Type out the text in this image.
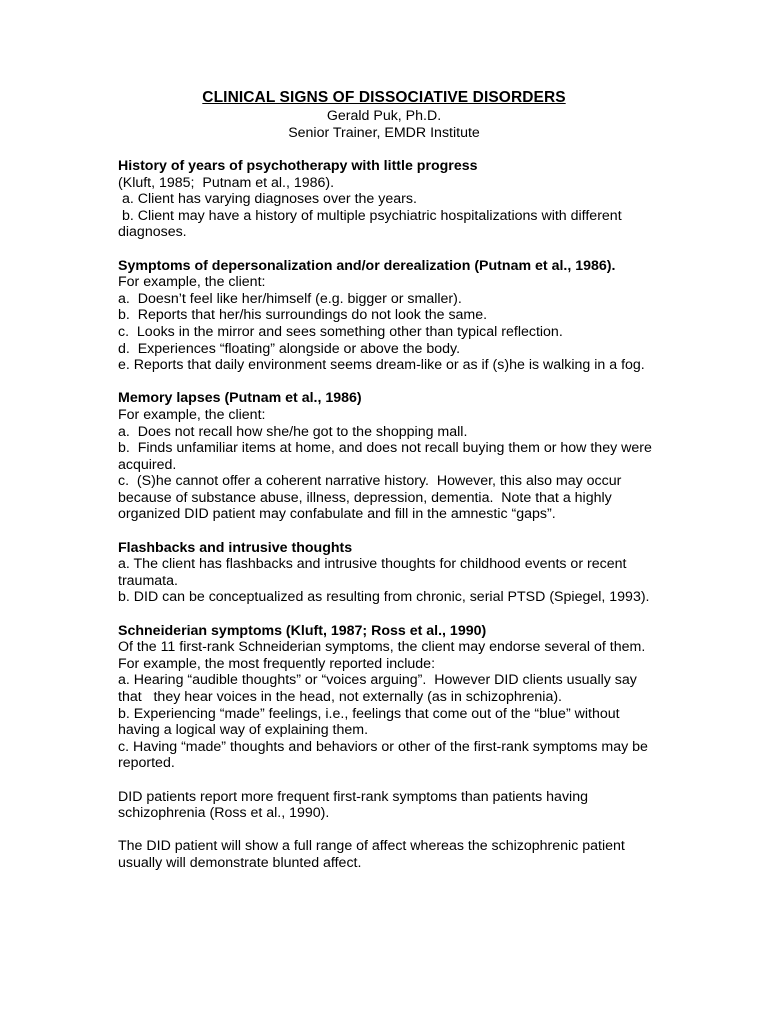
CLINICAL SIGNS OF DISSOCIATIVE DISORDERS
Gerald Puk, Ph.D.
Senior Trainer, EMDR Institute
History of years of psychotherapy with little progress
(Kluft, 1985;  Putnam et al., 1986).
a. Client has varying diagnoses over the years.
b. Client may have a history of multiple psychiatric hospitalizations with different diagnoses.
Symptoms of depersonalization and/or derealization (Putnam et al., 1986).
For example, the client:
a.  Doesn’t feel like her/himself (e.g. bigger or smaller).
b.  Reports that her/his surroundings do not look the same.
c.  Looks in the mirror and sees something other than typical reflection.
d.  Experiences “floating” alongside or above the body.
e. Reports that daily environment seems dream-like or as if (s)he is walking in a fog.
Memory lapses (Putnam et al., 1986)
For example, the client:
a.  Does not recall how she/he got to the shopping mall.
b.  Finds unfamiliar items at home, and does not recall buying them or how they were acquired.
c.  (S)he cannot offer a coherent narrative history.  However, this also may occur because of substance abuse, illness, depression, dementia.  Note that a highly organized DID patient may confabulate and fill in the amnestic “gaps”.
Flashbacks and intrusive thoughts
a. The client has flashbacks and intrusive thoughts for childhood events or recent traumata.
b. DID can be conceptualized as resulting from chronic, serial PTSD (Spiegel, 1993).
Schneiderian symptoms (Kluft, 1987; Ross et al., 1990)
Of the 11 first-rank Schneiderian symptoms, the client may endorse several of them.
For example, the most frequently reported include:
a. Hearing “audible thoughts” or “voices arguing”.  However DID clients usually say that   they hear voices in the head, not externally (as in schizophrenia).
b. Experiencing “made” feelings, i.e., feelings that come out of the “blue” without having a logical way of explaining them.
c. Having “made” thoughts and behaviors or other of the first-rank symptoms may be reported.
DID patients report more frequent first-rank symptoms than patients having schizophrenia (Ross et al., 1990).
The DID patient will show a full range of affect whereas the schizophrenic patient usually will demonstrate blunted affect.
